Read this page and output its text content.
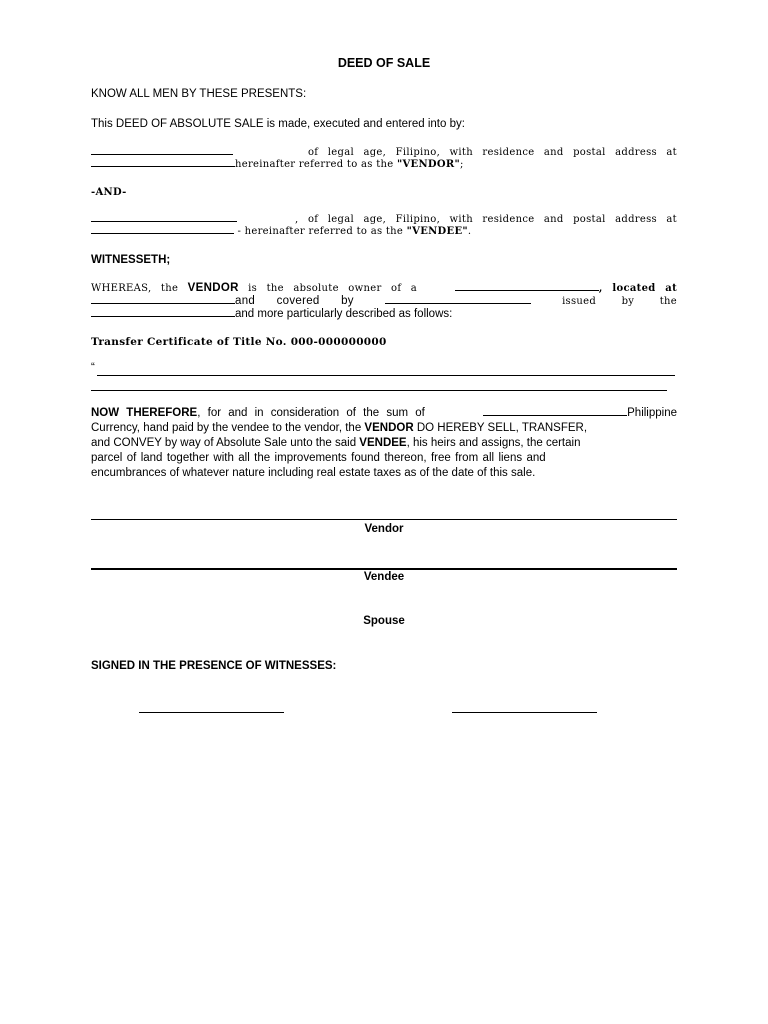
DEED OF SALE
KNOW ALL MEN BY THESE PRESENTS:
This DEED OF ABSOLUTE SALE is made, executed and entered into by:
of legal age, Filipino, with residence and postal address at
hereinafter referred to as the "VENDOR";
-AND-
, of legal age, Filipino, with residence and postal address at
- hereinafter referred to as the "VENDEE".
WITNESSETH;
WHEREAS, the VENDOR is the absolute owner of a	, located at
and covered by	issued by the
and more particularly described as follows:
Transfer Certificate of Title No. 000-000000000
“
NOW THEREFORE, for and in consideration of the sum of	Philippine
Currency, hand paid by the vendee to the vendor, the VENDOR DO HEREBY SELL, TRANSFER,
and CONVEY by way of Absolute Sale unto the said VENDEE, his heirs and assigns, the certain
parcel of land together with all the improvements found thereon, free from all liens and
encumbrances of whatever nature including real estate taxes as of the date of this sale.
Vendor
Vendee
Spouse
SIGNED IN THE PRESENCE OF WITNESSES:
